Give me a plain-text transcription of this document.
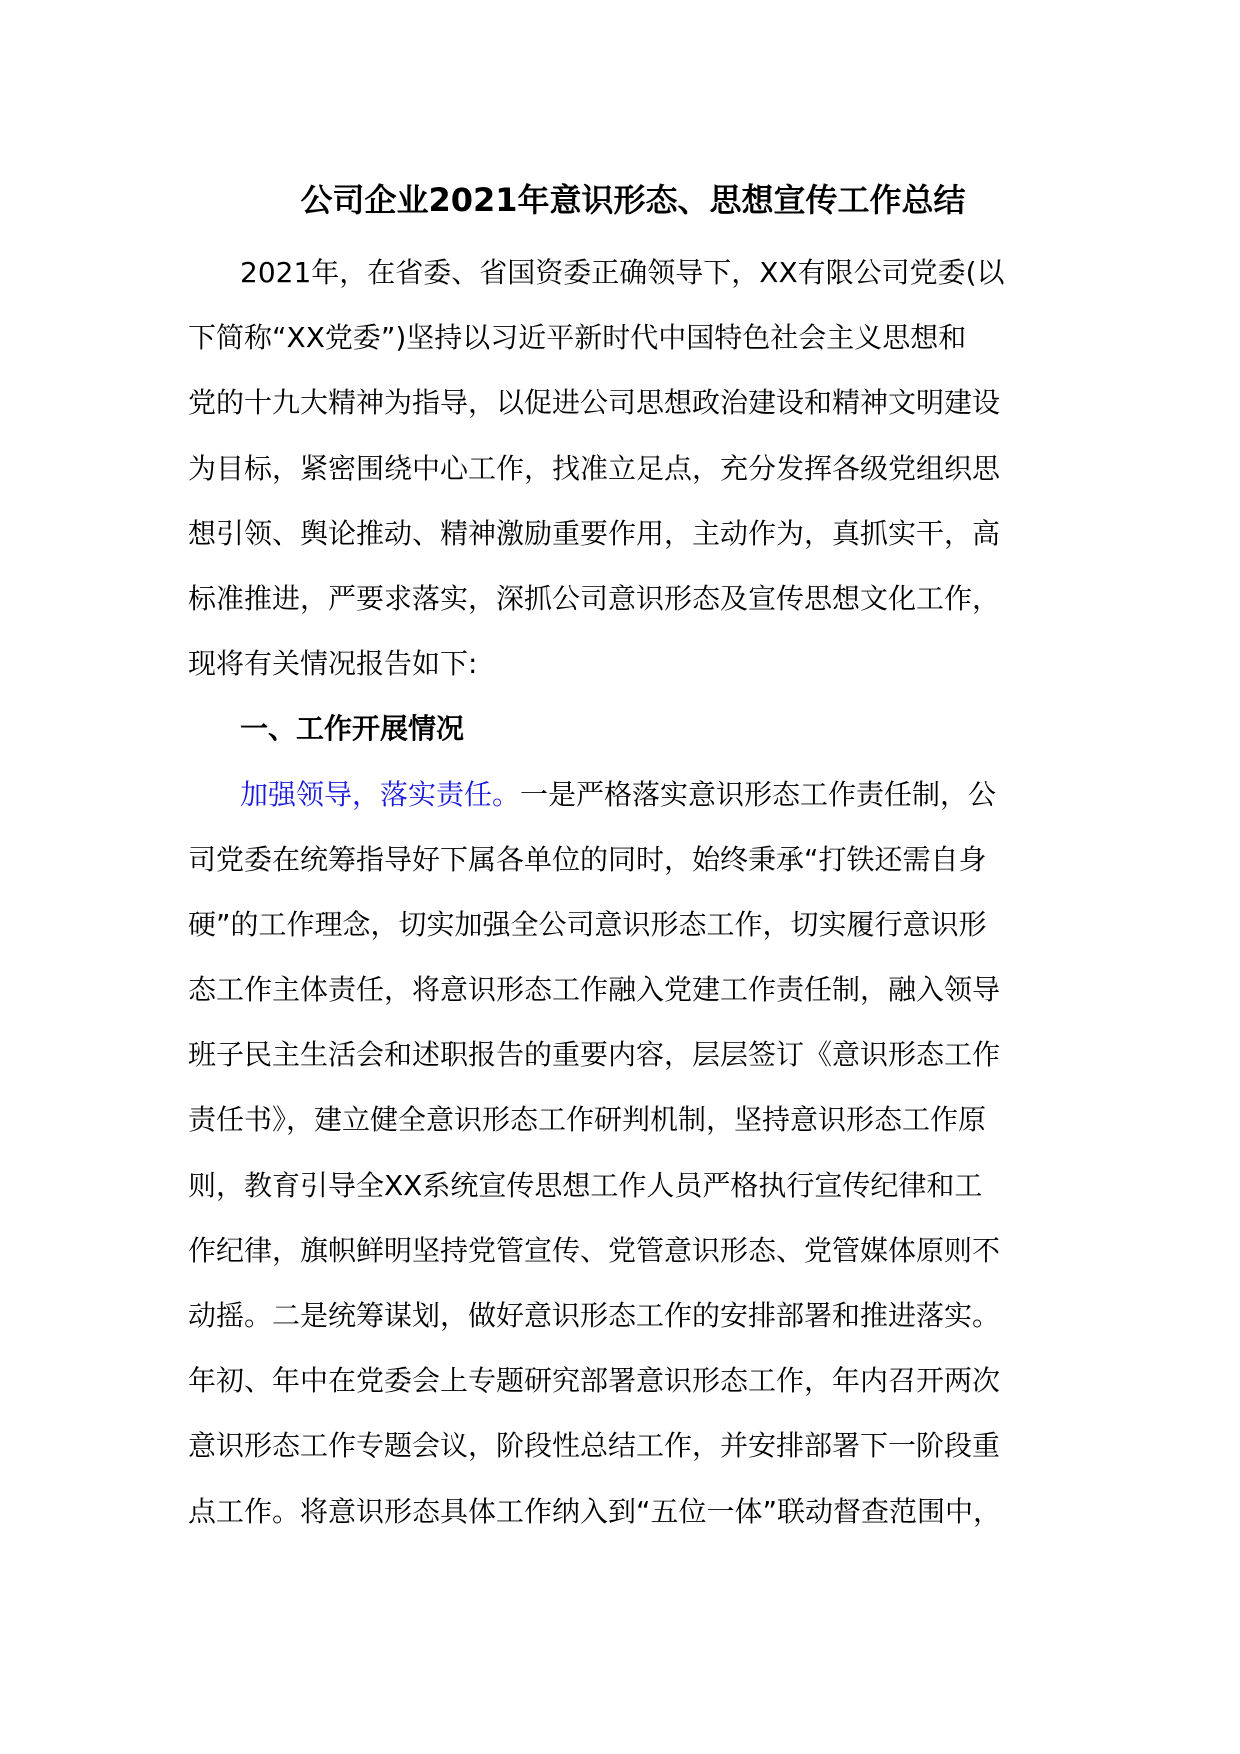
公司企业2021年意识形态、思想宣传工作总结
2021年，在省委、省国资委正确领导下，XX有限公司党委(以
下简称“XX党委”)坚持以习近平新时代中国特色社会主义思想和
党的十九大精神为指导，以促进公司思想政治建设和精神文明建设
为目标，紧密围绕中心工作，找准立足点，充分发挥各级党组织思
想引领、舆论推动、精神激励重要作用，主动作为，真抓实干，高
标准推进，严要求落实，深抓公司意识形态及宣传思想文化工作，
现将有关情况报告如下:
一、工作开展情况
加强领导，落实责任。一是严格落实意识形态工作责任制，公
司党委在统筹指导好下属各单位的同时，始终秉承“打铁还需自身
硬”的工作理念，切实加强全公司意识形态工作，切实履行意识形
态工作主体责任，将意识形态工作融入党建工作责任制，融入领导
班子民主生活会和述职报告的重要内容，层层签订《意识形态工作
责任书》，建立健全意识形态工作研判机制，坚持意识形态工作原
则，教育引导全XX系统宣传思想工作人员严格执行宣传纪律和工
作纪律，旗帜鲜明坚持党管宣传、党管意识形态、党管媒体原则不
动摇。二是统筹谋划，做好意识形态工作的安排部署和推进落实。
年初、年中在党委会上专题研究部署意识形态工作，年内召开两次
意识形态工作专题会议，阶段性总结工作，并安排部署下一阶段重
点工作。将意识形态具体工作纳入到“五位一体”联动督查范围中，
